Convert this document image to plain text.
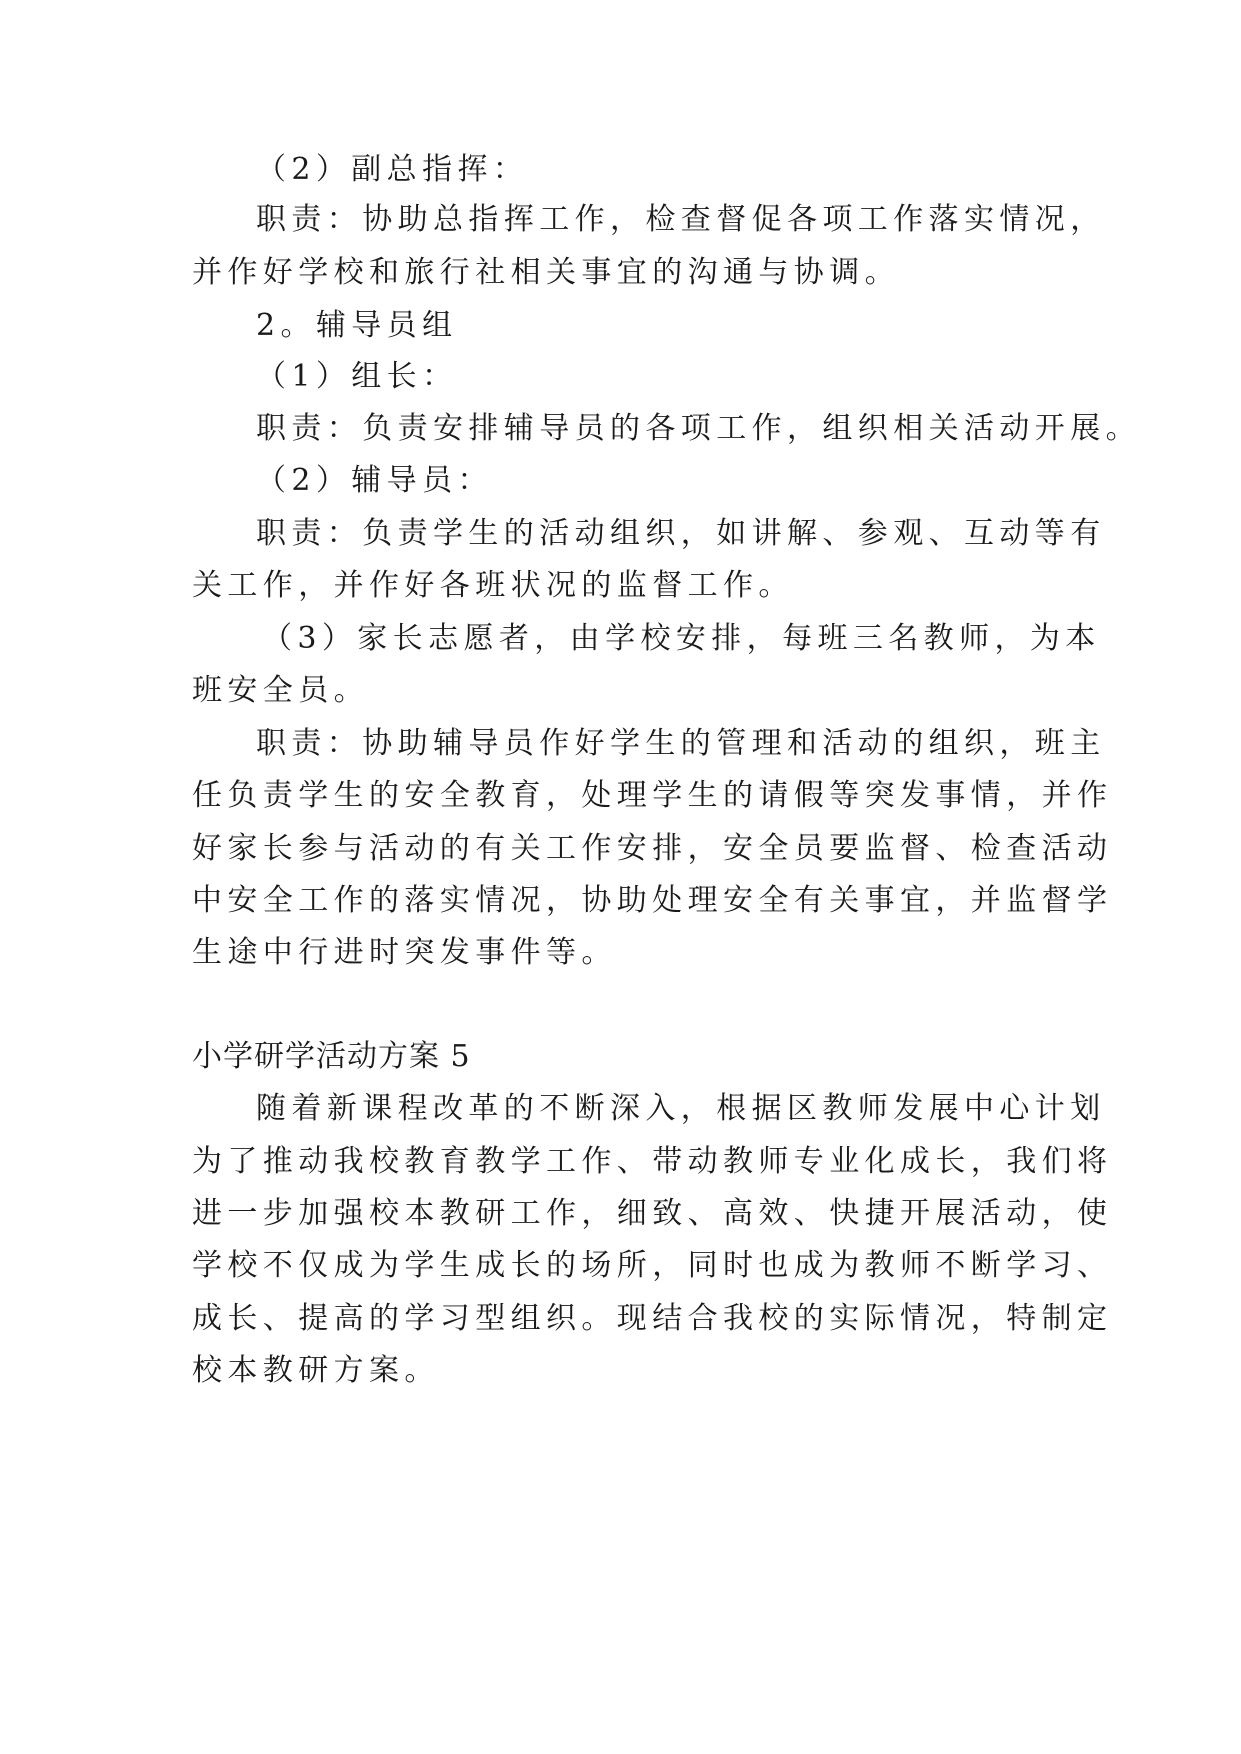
（2）副总指挥：
职责：协助总指挥工作，检查督促各项工作落实情况，
并作好学校和旅行社相关事宜的沟通与协调。
2。辅导员组
（1）组长：
职责：负责安排辅导员的各项工作，组织相关活动开展。
（2）辅导员：
职责：负责学生的活动组织，如讲解、参观、互动等有
关工作，并作好各班状况的监督工作。
（3）家长志愿者，由学校安排，每班三名教师，为本
班安全员。
职责：协助辅导员作好学生的管理和活动的组织，班主
任负责学生的安全教育，处理学生的请假等突发事情，并作
好家长参与活动的有关工作安排，安全员要监督、检查活动
中安全工作的落实情况，协助处理安全有关事宜，并监督学
生途中行进时突发事件等。
小学研学活动方案 5
随着新课程改革的不断深入，根据区教师发展中心计划
为了推动我校教育教学工作、带动教师专业化成长，我们将
进一步加强校本教研工作，细致、高效、快捷开展活动，使
学校不仅成为学生成长的场所，同时也成为教师不断学习、
成长、提高的学习型组织。现结合我校的实际情况，特制定
校本教研方案。
